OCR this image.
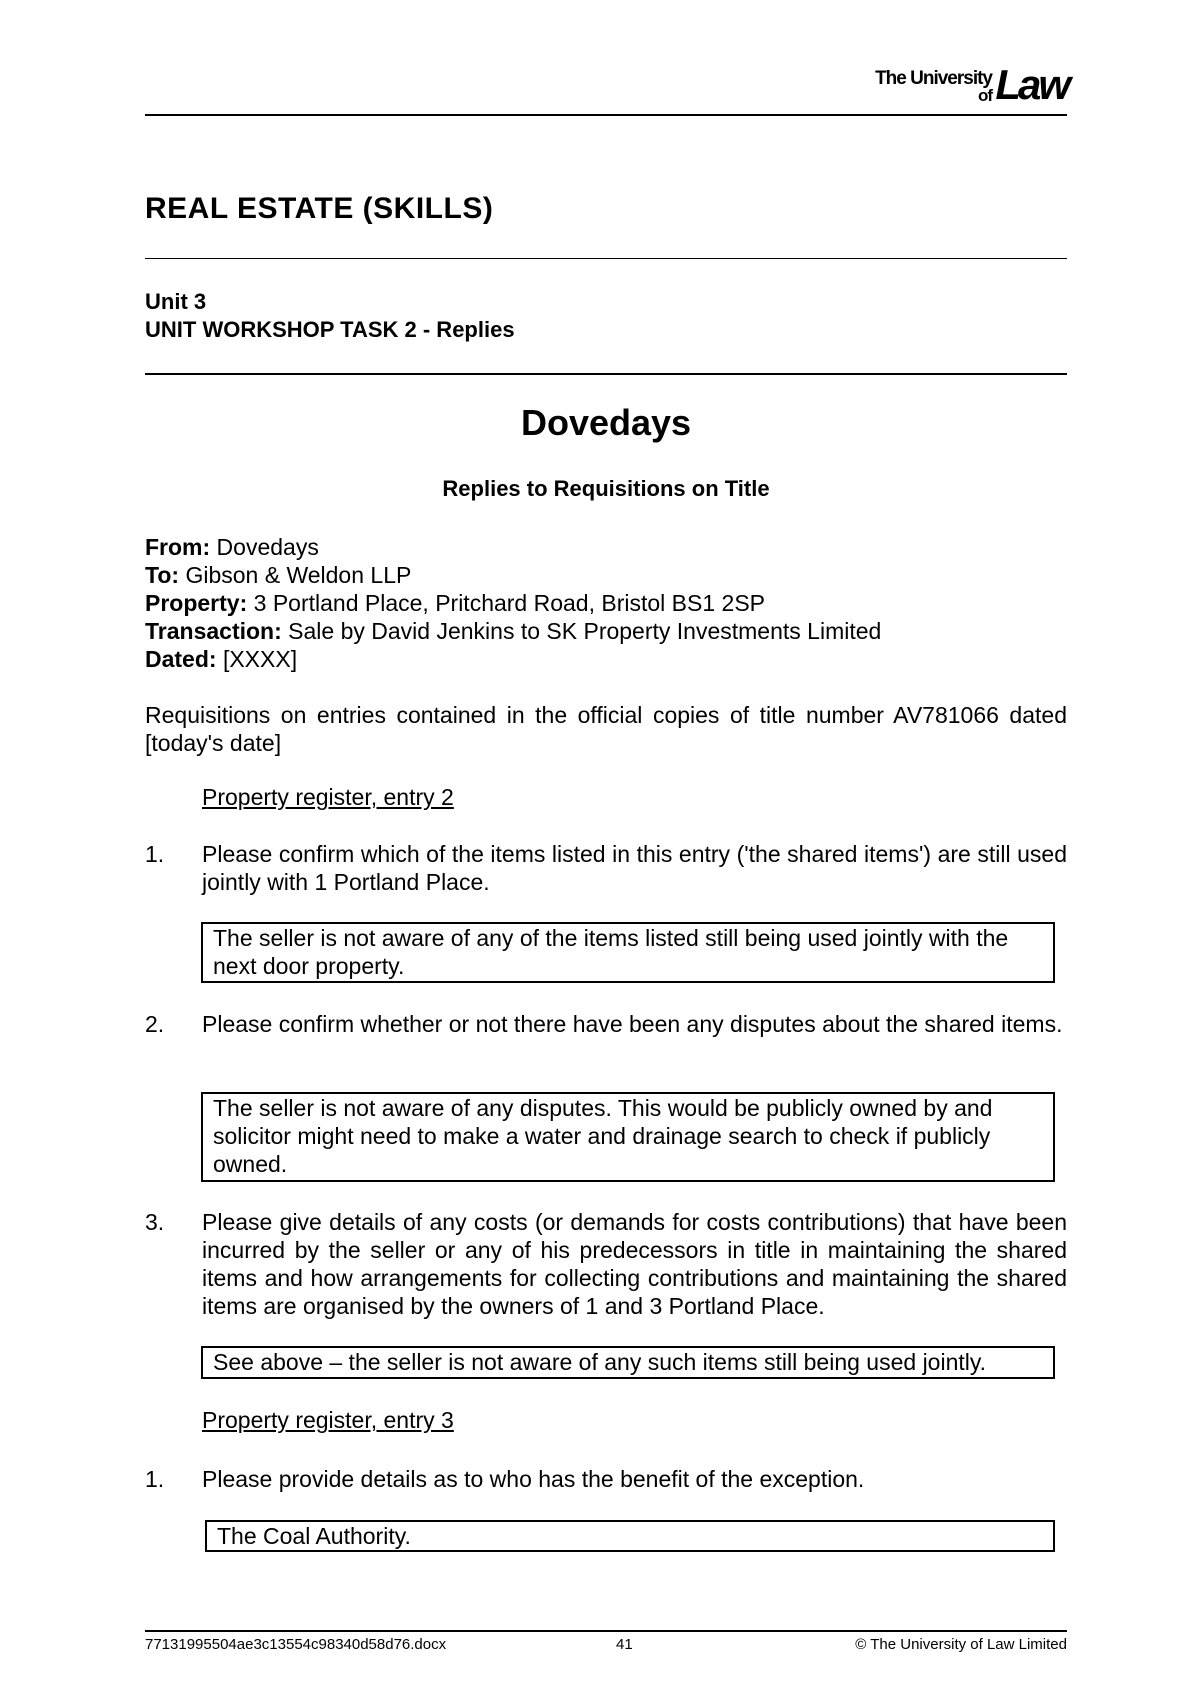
The University
of Law
REAL ESTATE (SKILLS)
Unit 3
UNIT WORKSHOP TASK 2 - Replies
Dovedays
Replies to Requisitions on Title
From: Dovedays
To: Gibson & Weldon LLP
Property: 3 Portland Place, Pritchard Road, Bristol BS1 2SP
Transaction: Sale by David Jenkins to SK Property Investments Limited
Dated: [XXXX]
Requisitions on entries contained in the official copies of title number AV781066 dated [today's date]
Property register, entry 2
1. Please confirm which of the items listed in this entry ('the shared items') are still used jointly with 1 Portland Place.
The seller is not aware of any of the items listed still being used jointly with the next door property.
2. Please confirm whether or not there have been any disputes about the shared items.
The seller is not aware of any disputes. This would be publicly owned by and solicitor might need to make a water and drainage search to check if publicly owned.
3. Please give details of any costs (or demands for costs contributions) that have been incurred by the seller or any of his predecessors in title in maintaining the shared items and how arrangements for collecting contributions and maintaining the shared items are organised by the owners of 1 and 3 Portland Place.
See above – the seller is not aware of any such items still being used jointly.
Property register, entry 3
1. Please provide details as to who has the benefit of the exception.
The Coal Authority.
77131995504ae3c13554c98340d58d76.docx	41	© The University of Law Limited
